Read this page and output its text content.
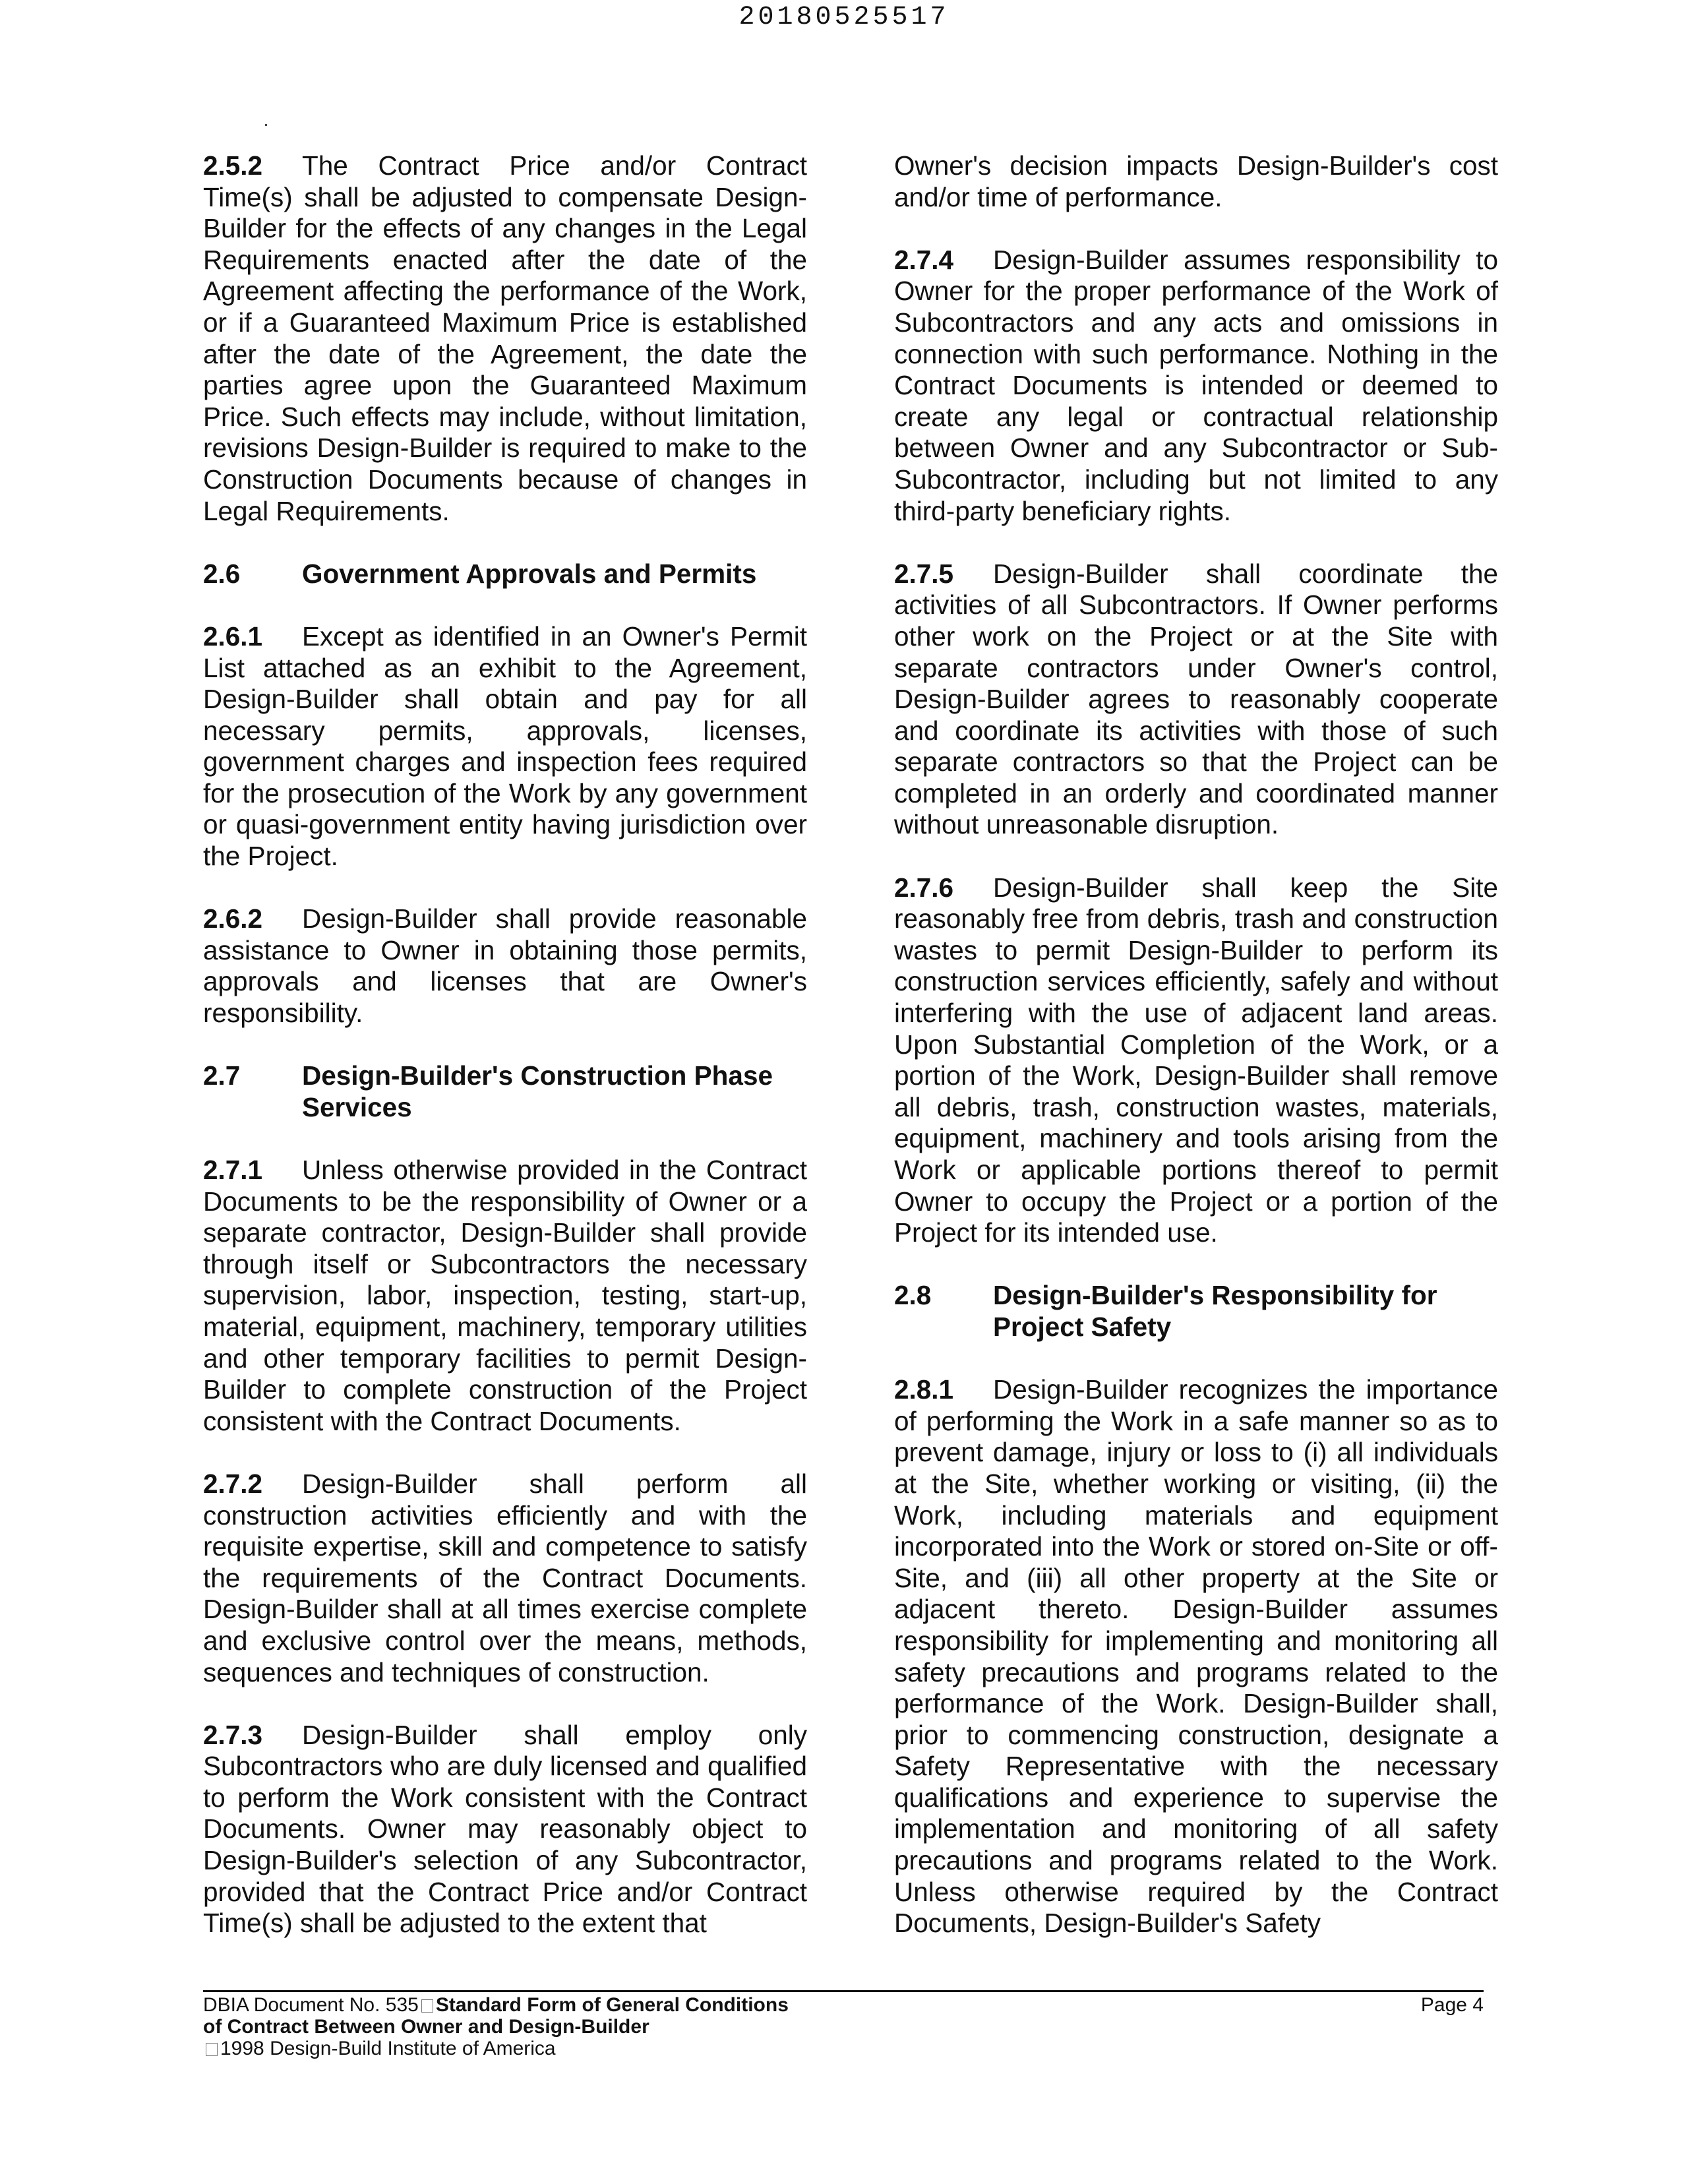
20180525517

2.5.2 The Contract Price and/or Contract Time(s) shall be adjusted to compensate Design-Builder for the effects of any changes in the Legal Requirements enacted after the date of the Agreement affecting the performance of the Work, or if a Guaranteed Maximum Price is established after the date of the Agreement, the date the parties agree upon the Guaranteed Maximum Price. Such effects may include, without limitation, revisions Design-Builder is required to make to the Construction Documents because of changes in Legal Requirements.

2.6	Government Approvals and Permits

2.6.1 Except as identified in an Owner's Permit List attached as an exhibit to the Agreement, Design-Builder shall obtain and pay for all necessary permits, approvals, licenses, government charges and inspection fees required for the prosecution of the Work by any government or quasi-government entity having jurisdiction over the Project.

2.6.2 Design-Builder shall provide reasonable assistance to Owner in obtaining those permits, approvals and licenses that are Owner's responsibility.

2.7	Design-Builder's Construction Phase Services

2.7.1 Unless otherwise provided in the Contract Documents to be the responsibility of Owner or a separate contractor, Design-Builder shall provide through itself or Subcontractors the necessary supervision, labor, inspection, testing, start-up, material, equipment, machinery, temporary utilities and other temporary facilities to permit Design-Builder to complete construction of the Project consistent with the Contract Documents.

2.7.2 Design-Builder shall perform all construction activities efficiently and with the requisite expertise, skill and competence to satisfy the requirements of the Contract Documents. Design-Builder shall at all times exercise complete and exclusive control over the means, methods, sequences and techniques of construction.

2.7.3 Design-Builder shall employ only Subcontractors who are duly licensed and qualified to perform the Work consistent with the Contract Documents. Owner may reasonably object to Design-Builder's selection of any Subcontractor, provided that the Contract Price and/or Contract Time(s) shall be adjusted to the extent that

Owner's decision impacts Design-Builder's cost and/or time of performance.

2.7.4 Design-Builder assumes responsibility to Owner for the proper performance of the Work of Subcontractors and any acts and omissions in connection with such performance. Nothing in the Contract Documents is intended or deemed to create any legal or contractual relationship between Owner and any Subcontractor or Sub-Subcontractor, including but not limited to any third-party beneficiary rights.

2.7.5 Design-Builder shall coordinate the activities of all Subcontractors. If Owner performs other work on the Project or at the Site with separate contractors under Owner's control, Design-Builder agrees to reasonably cooperate and coordinate its activities with those of such separate contractors so that the Project can be completed in an orderly and coordinated manner without unreasonable disruption.

2.7.6 Design-Builder shall keep the Site reasonably free from debris, trash and construction wastes to permit Design-Builder to perform its construction services efficiently, safely and without interfering with the use of adjacent land areas. Upon Substantial Completion of the Work, or a portion of the Work, Design-Builder shall remove all debris, trash, construction wastes, materials, equipment, machinery and tools arising from the Work or applicable portions thereof to permit Owner to occupy the Project or a portion of the Project for its intended use.

2.8	Design-Builder's Responsibility for Project Safety

2.8.1 Design-Builder recognizes the importance of performing the Work in a safe manner so as to prevent damage, injury or loss to (i) all individuals at the Site, whether working or visiting, (ii) the Work, including materials and equipment incorporated into the Work or stored on-Site or off-Site, and (iii) all other property at the Site or adjacent thereto. Design-Builder assumes responsibility for implementing and monitoring all safety precautions and programs related to the performance of the Work. Design-Builder shall, prior to commencing construction, designate a Safety Representative with the necessary qualifications and experience to supervise the implementation and monitoring of all safety precautions and programs related to the Work. Unless otherwise required by the Contract Documents, Design-Builder's Safety

DBIA Document No. 535 Standard Form of General Conditions
of Contract Between Owner and Design-Builder
1998 Design-Build Institute of America
Page 4
